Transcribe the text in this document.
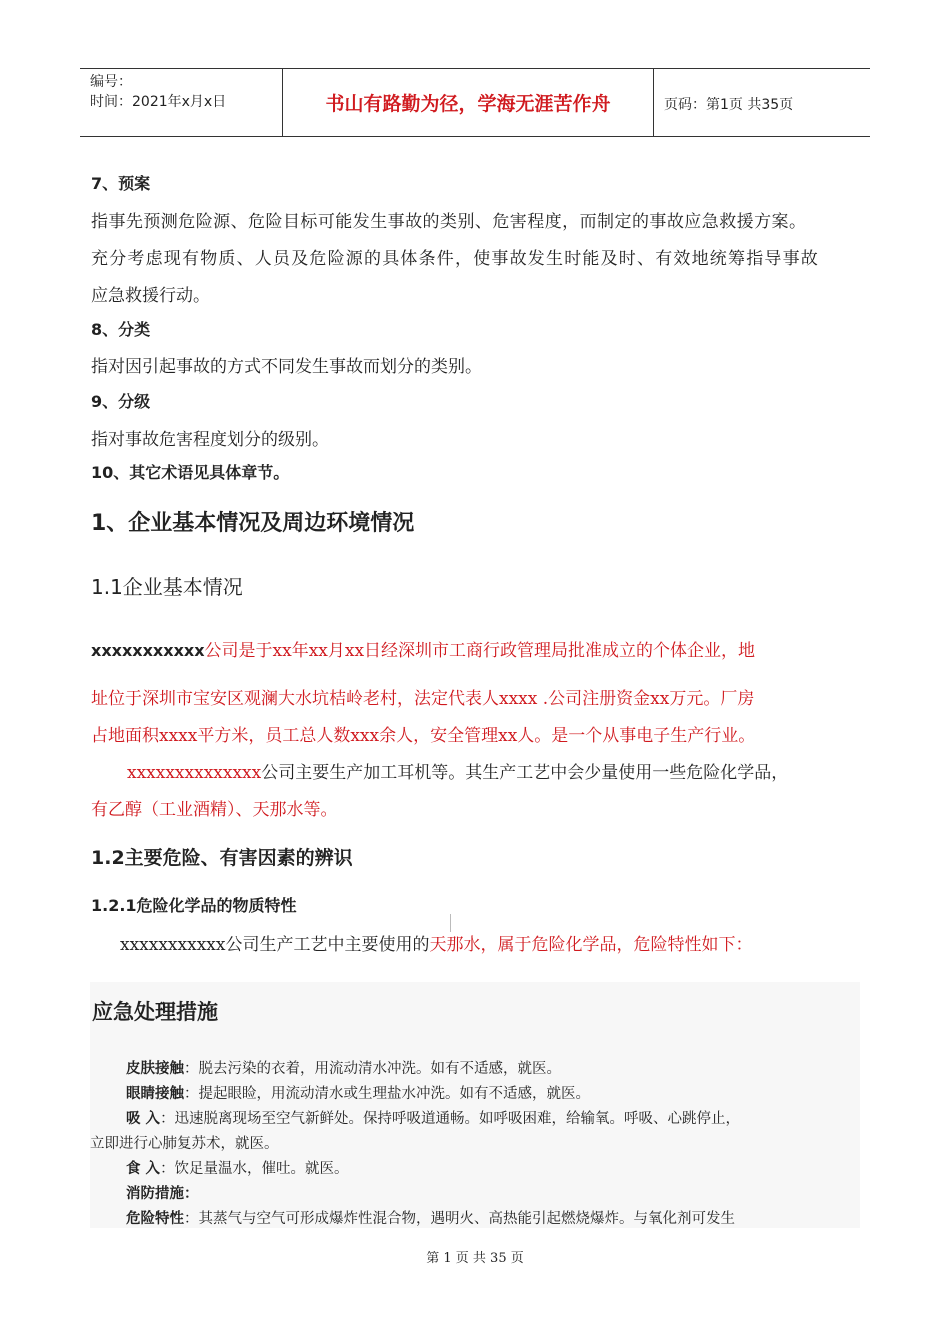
编号：
时间：2021年x月x日	书山有路勤为径，学海无涯苦作舟	页码：第1页 共35页
7、预案
指事先预测危险源、危险目标可能发生事故的类别、危害程度，而制定的事故应急救援方案。
充分考虑现有物质、人员及危险源的具体条件，使事故发生时能及时、有效地统筹指导事故
应急救援行动。
8、分类
指对因引起事故的方式不同发生事故而划分的类别。
9、分级
指对事故危害程度划分的级别。
10、其它术语见具体章节。
1、企业基本情况及周边环境情况
1.1企业基本情况
xxxxxxxxxxx公司是于xx年xx月xx日经深圳市工商行政管理局批准成立的个体企业，地
址位于深圳市宝安区观澜大水坑桔岭老村，法定代表人xxxx .公司注册资金xx万元。厂房
占地面积xxxx平方米，员工总人数xxx余人，安全管理xx人。是一个从事电子生产行业。
xxxxxxxxxxxxxx公司主要生产加工耳机等。其生产工艺中会少量使用一些危险化学品，
有乙醇（工业酒精）、天那水等。
1.2主要危险、有害因素的辨识
1.2.1危险化学品的物质特性
xxxxxxxxxxx公司生产工艺中主要使用的天那水，属于危险化学品，危险特性如下：
应急处理措施
皮肤接触：脱去污染的衣着，用流动清水冲洗。如有不适感，就医。
眼睛接触：提起眼睑，用流动清水或生理盐水冲洗。如有不适感，就医。
吸 入：迅速脱离现场至空气新鲜处。保持呼吸道通畅。如呼吸困难，给输氧。呼吸、心跳停止，
立即进行心肺复苏术，就医。
食 入：饮足量温水，催吐。就医。
消防措施：
危险特性：其蒸气与空气可形成爆炸性混合物，遇明火、高热能引起燃烧爆炸。与氧化剂可发生
第 1 页 共 35 页
